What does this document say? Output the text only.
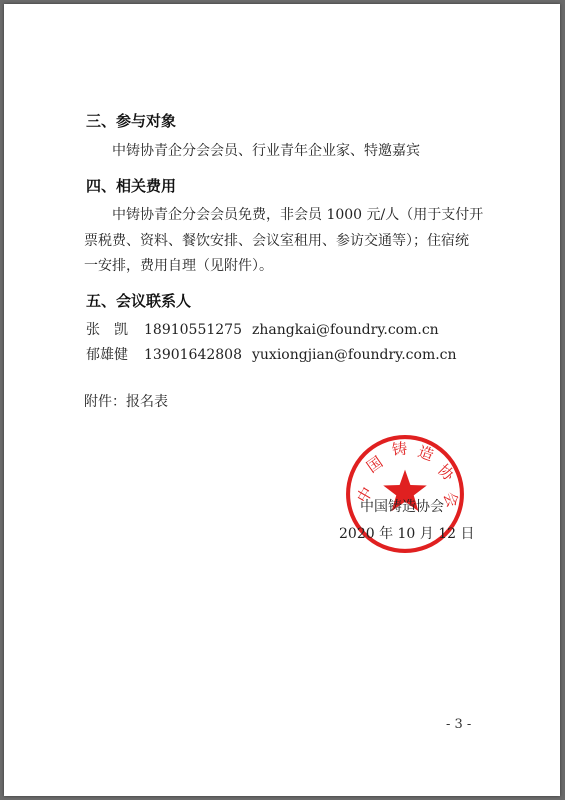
三、参与对象
中铸协青企分会会员、行业青年企业家、特邀嘉宾
四、相关费用
中铸协青企分会会员免费，非会员 1000 元/人（用于支付开
票税费、资料、餐饮安排、会议室租用、参访交通等）；住宿统
一安排，费用自理（见附件）。
五、会议联系人
张　凯 18910551275 zhangkai@foundry.com.cn
郁雄健 13901642808 yuxiongjian@foundry.com.cn
附件：报名表
中
国
铸 造
协
会
中国铸造协会
2020 年 10 月 12 日
- 3 -
